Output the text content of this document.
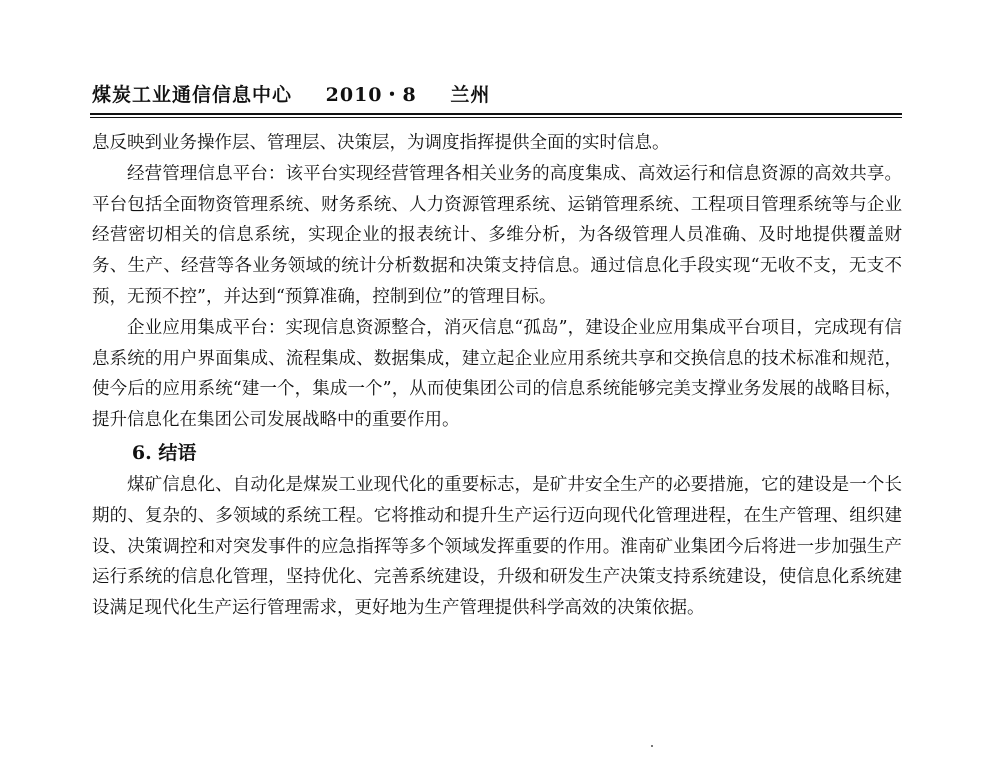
煤炭工业通信信息中心 2010・8 兰州

息反映到业务操作层、管理层、决策层，为调度指挥提供全面的实时信息。

经营管理信息平台：该平台实现经营管理各相关业务的高度集成、高效运行和信息资源的高效共享。平台包括全面物资管理系统、财务系统、人力资源管理系统、运销管理系统、工程项目管理系统等与企业经营密切相关的信息系统，实现企业的报表统计、多维分析，为各级管理人员准确、及时地提供覆盖财务、生产、经营等各业务领域的统计分析数据和决策支持信息。通过信息化手段实现“无收不支，无支不预，无预不控”，并达到“预算准确，控制到位”的管理目标。

企业应用集成平台：实现信息资源整合，消灭信息“孤岛”，建设企业应用集成平台项目，完成现有信息系统的用户界面集成、流程集成、数据集成，建立起企业应用系统共享和交换信息的技术标准和规范，使今后的应用系统“建一个，集成一个”，从而使集团公司的信息系统能够完美支撑业务发展的战略目标，提升信息化在集团公司发展战略中的重要作用。

6. 结语

煤矿信息化、自动化是煤炭工业现代化的重要标志，是矿井安全生产的必要措施，它的建设是一个长期的、复杂的、多领域的系统工程。它将推动和提升生产运行迈向现代化管理进程，在生产管理、组织建设、决策调控和对突发事件的应急指挥等多个领域发挥重要的作用。淮南矿业集团今后将进一步加强生产运行系统的信息化管理，坚持优化、完善系统建设，升级和研发生产决策支持系统建设，使信息化系统建设满足现代化生产运行管理需求，更好地为生产管理提供科学高效的决策依据。
